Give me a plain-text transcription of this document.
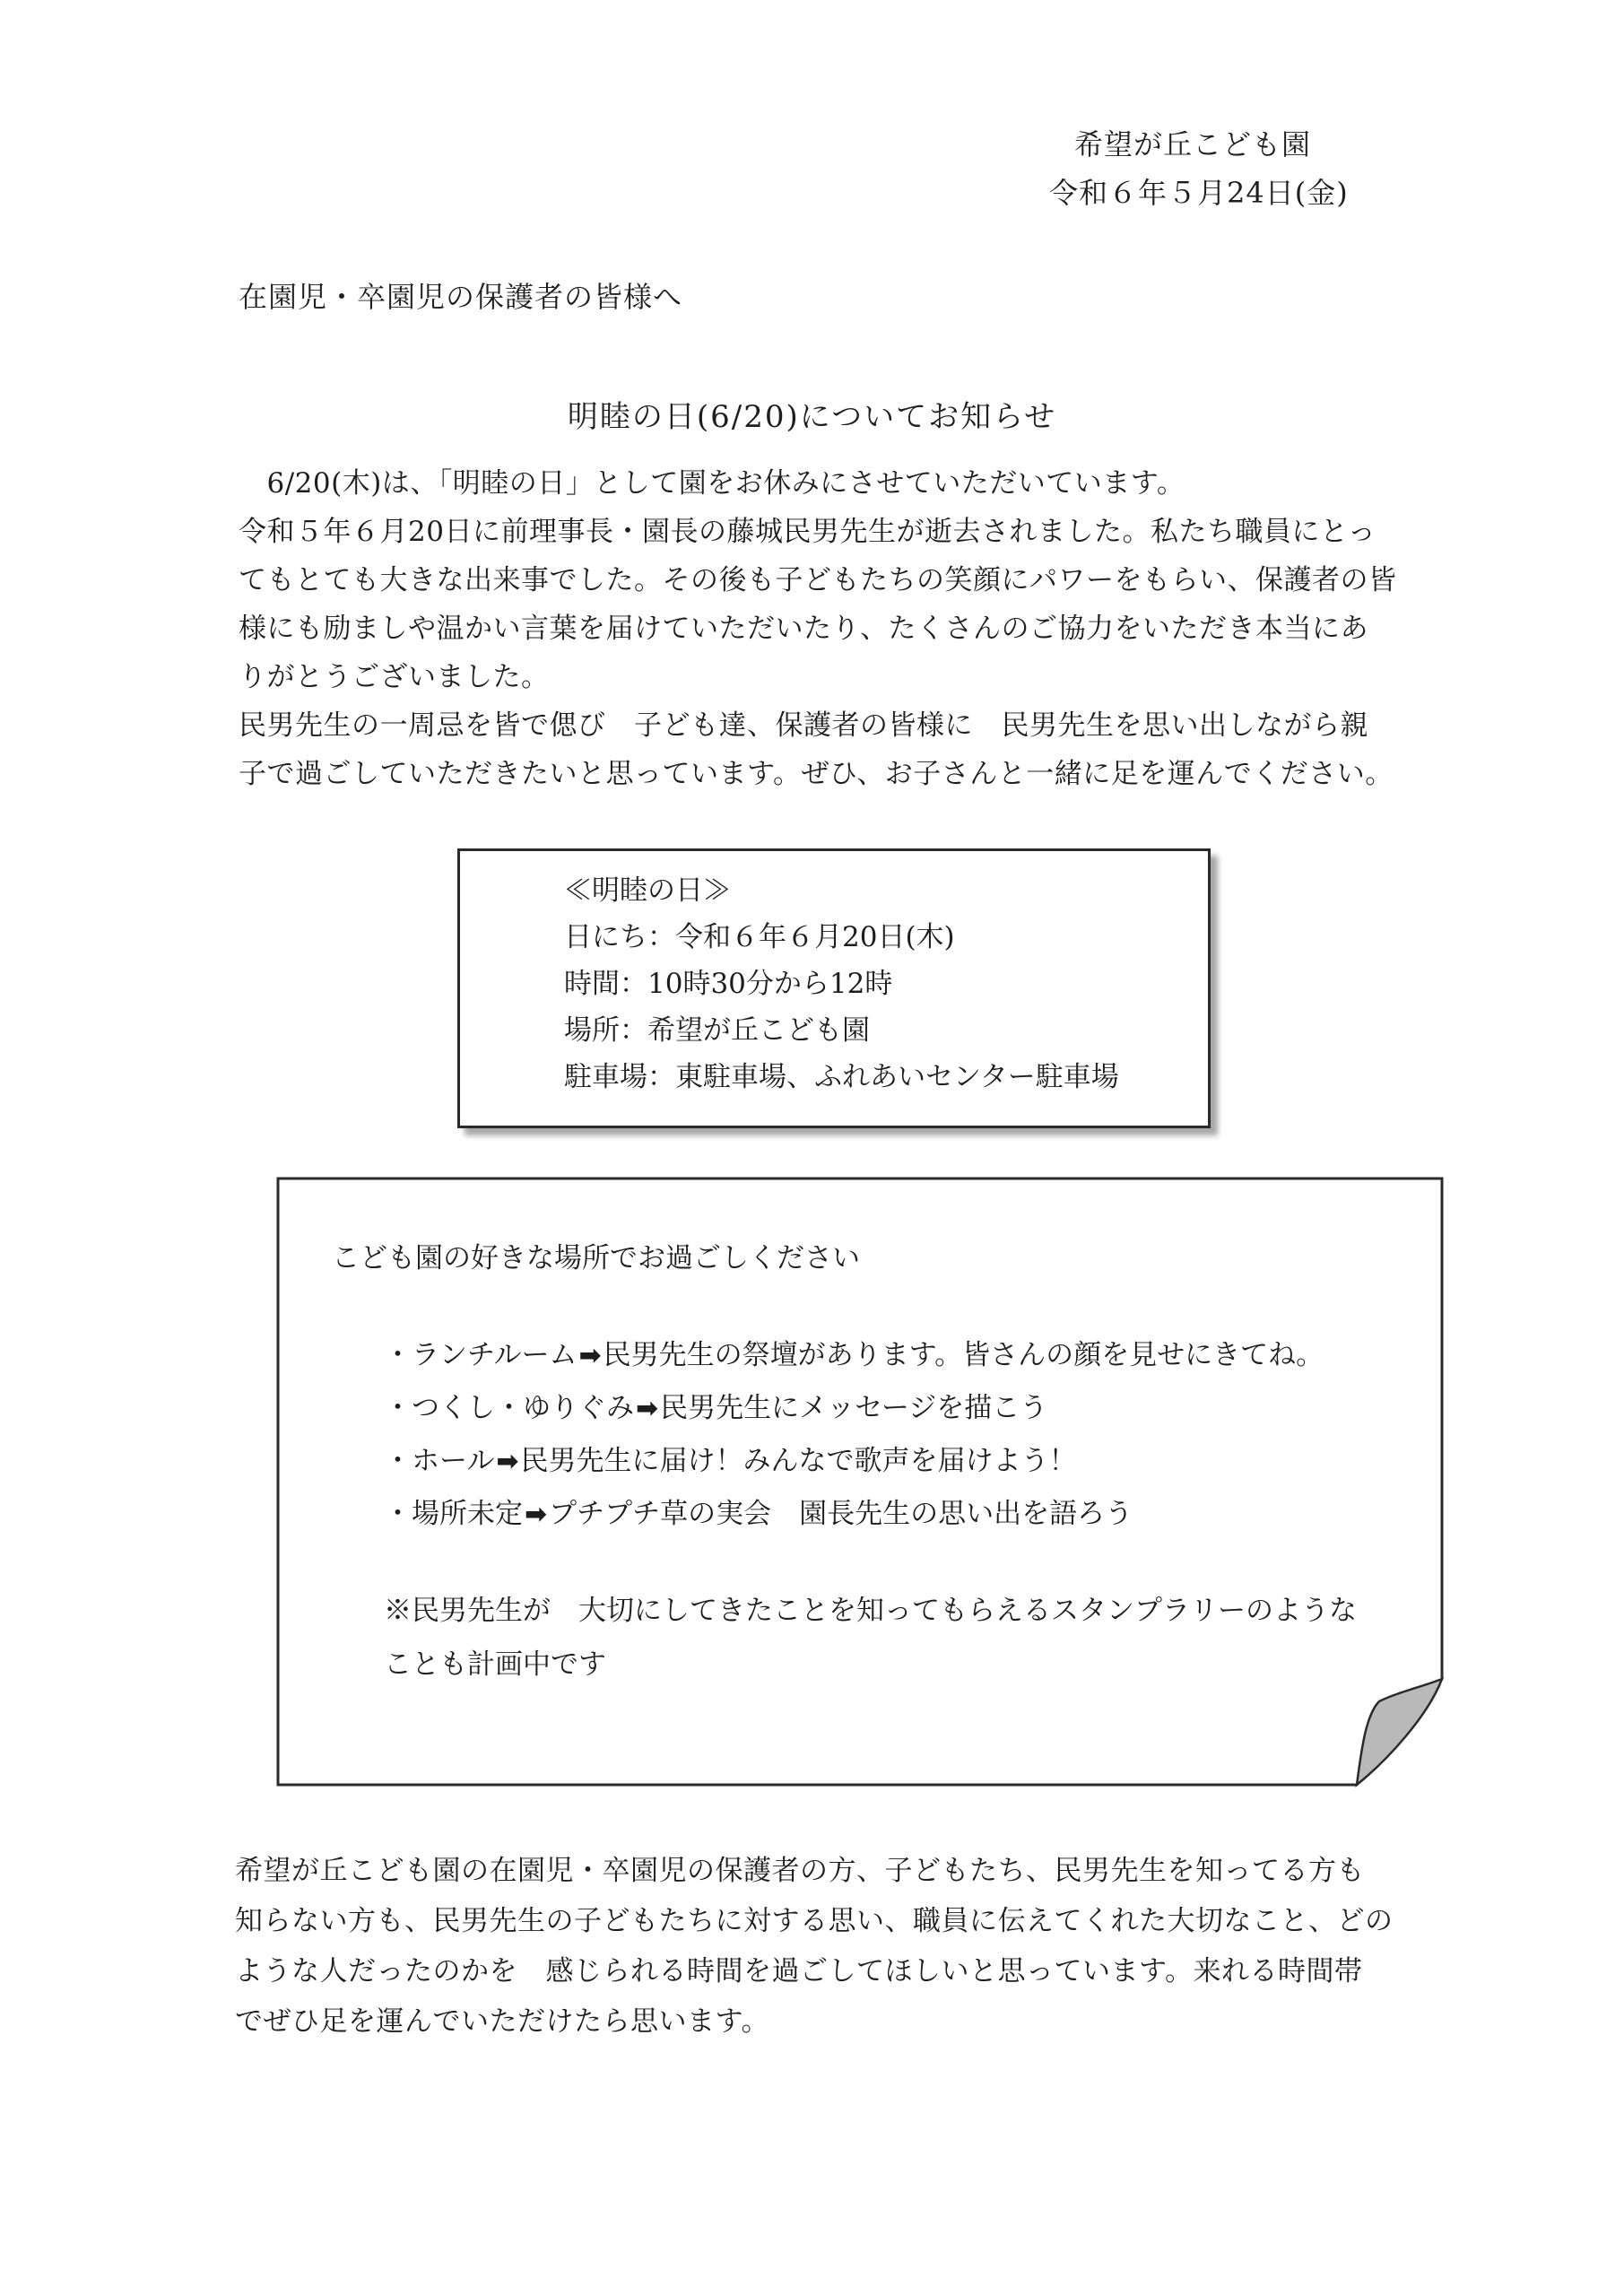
希望が丘こども園
令和６年５月24日(金)
在園児・卒園児の保護者の皆様へ
明睦の日(6/20)についてお知らせ

　6/20(木)は、「明睦の日」として園をお休みにさせていただいています。

令和５年６月20日に前理事長・園長の藤城民男先生が逝去されました。私たち職員にとっ

てもとても大きな出来事でした。その後も子どもたちの笑顔にパワーをもらい、保護者の皆

様にも励ましや温かい言葉を届けていただいたり、たくさんのご協力をいただき本当にあ

りがとうございました。

民男先生の一周忌を皆で偲び　子ども達、保護者の皆様に　民男先生を思い出しながら親

子で過ごしていただきたいと思っています。ぜひ、お子さんと一緒に足を運んでください。

≪明睦の日≫
日にち：令和６年６月20日(木)
時間：10時30分から12時
場所：希望が丘こども園
駐車場：東駐車場、ふれあいセンター駐車場
こども園の好きな場所でお過ごしください
・ランチルーム➡民男先生の祭壇があります。皆さんの顔を見せにきてね。
・つくし・ゆりぐみ➡民男先生にメッセージを描こう
・ホール➡民男先生に届け！みんなで歌声を届けよう！
・場所未定➡プチプチ草の実会　園長先生の思い出を語ろう

※民男先生が　大切にしてきたことを知ってもらえるスタンプラリーのような

ことも計画中です

希望が丘こども園の在園児・卒園児の保護者の方、子どもたち、民男先生を知ってる方も

知らない方も、民男先生の子どもたちに対する思い、職員に伝えてくれた大切なこと、どの

ような人だったのかを　感じられる時間を過ごしてほしいと思っています。来れる時間帯

でぜひ足を運んでいただけたら思います。
